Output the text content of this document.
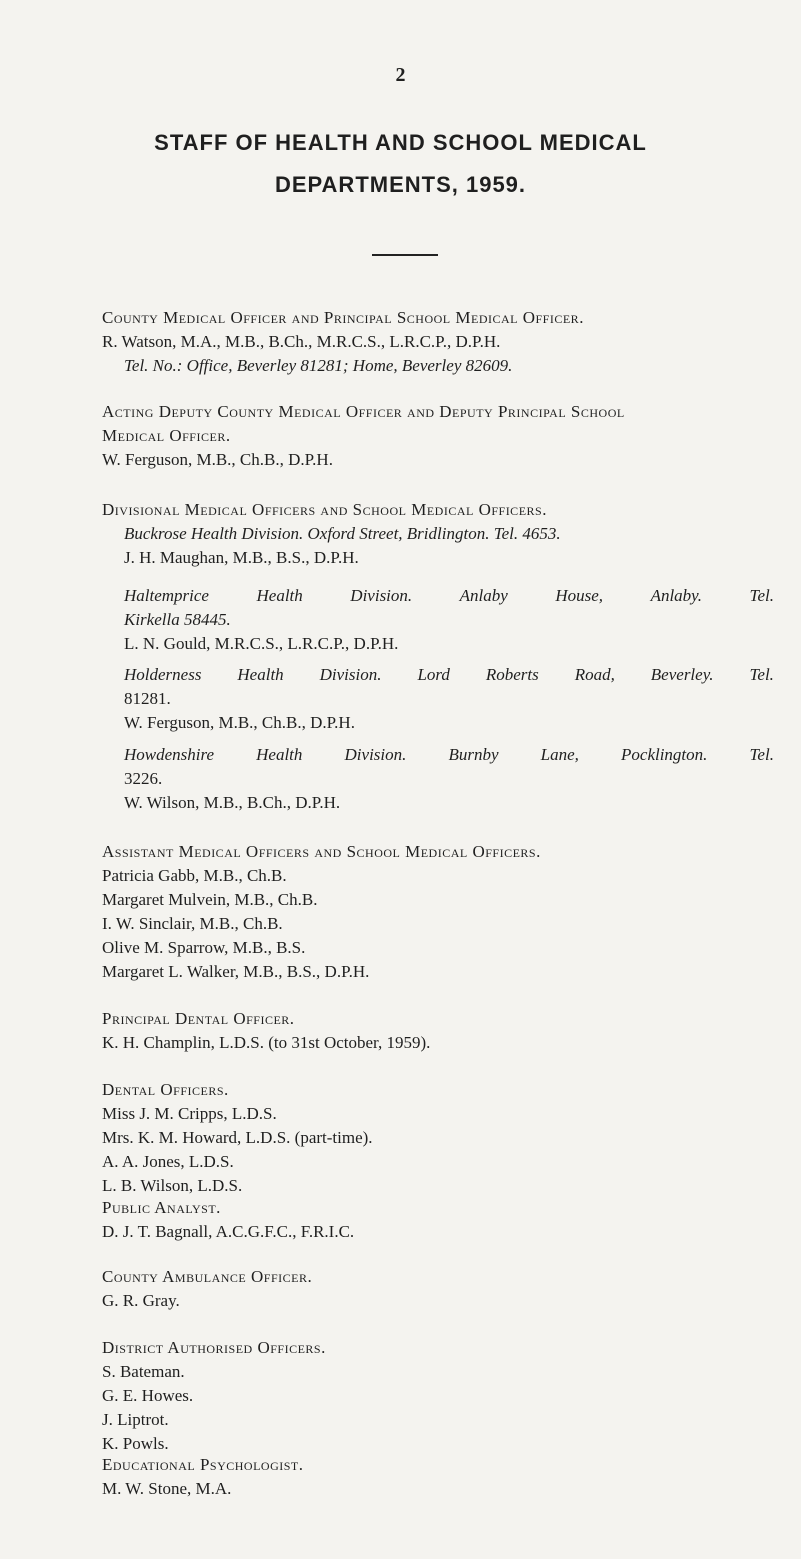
2
STAFF OF HEALTH AND SCHOOL MEDICAL
DEPARTMENTS, 1959.

County Medical Officer and Principal School Medical Officer.

R. Watson, M.A., M.B., B.Ch., M.R.C.S., L.R.C.P., D.P.H.

Tel. No.: Office, Beverley 81281; Home, Beverley 82609.

Acting Deputy County Medical Officer and Deputy Principal School

Medical Officer.

W. Ferguson, M.B., Ch.B., D.P.H.

Divisional Medical Officers and School Medical Officers.

Buckrose Health Division. Oxford Street, Bridlington. Tel. 4653.

J. H. Maughan, M.B., B.S., D.P.H.

Haltemprice	Health	Division.	Anlaby	House,	Anlaby.	Tel.

Kirkella 58445.

L. N. Gould, M.R.C.S., L.R.C.P., D.P.H.

Holderness Health Division. Lord Roberts Road, Beverley. Tel.

81281.

W. Ferguson, M.B., Ch.B., D.P.H.

Howdenshire Health Division. Burnby Lane, Pocklington. Tel.

3226.

W. Wilson, M.B., B.Ch., D.P.H.

Assistant Medical Officers and School Medical Officers.

Patricia Gabb, M.B., Ch.B.

Margaret Mulvein, M.B., Ch.B.

I. W. Sinclair, M.B., Ch.B.

Olive M. Sparrow, M.B., B.S.

Margaret L. Walker, M.B., B.S., D.P.H.

Principal Dental Officer.

K. H. Champlin, L.D.S. (to 31st October, 1959).

Dental Officers.

Miss J. M. Cripps, L.D.S.

Mrs. K. M. Howard, L.D.S. (part-time).

A. A. Jones, L.D.S.

L. B. Wilson, L.D.S.

Public Analyst.

D. J. T. Bagnall, A.C.G.F.C., F.R.I.C.

County Ambulance Officer.

G. R. Gray.

District Authorised Officers.

S. Bateman.

G. E. Howes.

J. Liptrot.

K. Powls.

Educational Psychologist.

M. W. Stone, M.A.
